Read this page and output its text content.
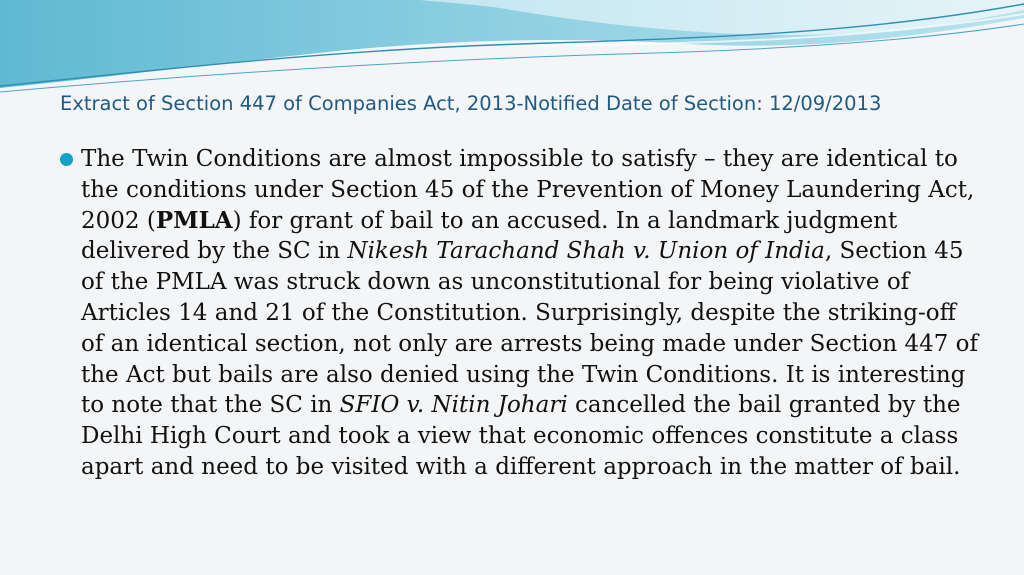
Extract of Section 447 of Companies Act, 2013-Notified Date of Section: 12/09/2013

The Twin Conditions are almost impossible to satisfy – they are identical to the conditions under Section 45 of the Prevention of Money Laundering Act, 2002 (PMLA) for grant of bail to an accused. In a landmark judgment delivered by the SC in Nikesh Tarachand Shah v. Union of India, Section 45 of the PMLA was struck down as unconstitutional for being violative of Articles 14 and 21 of the Constitution. Surprisingly, despite the striking-off of an identical section, not only are arrests being made under Section 447 of the Act but bails are also denied using the Twin Conditions. It is interesting to note that the SC in SFIO v. Nitin Johari cancelled the bail granted by the Delhi High Court and took a view that economic offences constitute a class apart and need to be visited with a different approach in the matter of bail.
